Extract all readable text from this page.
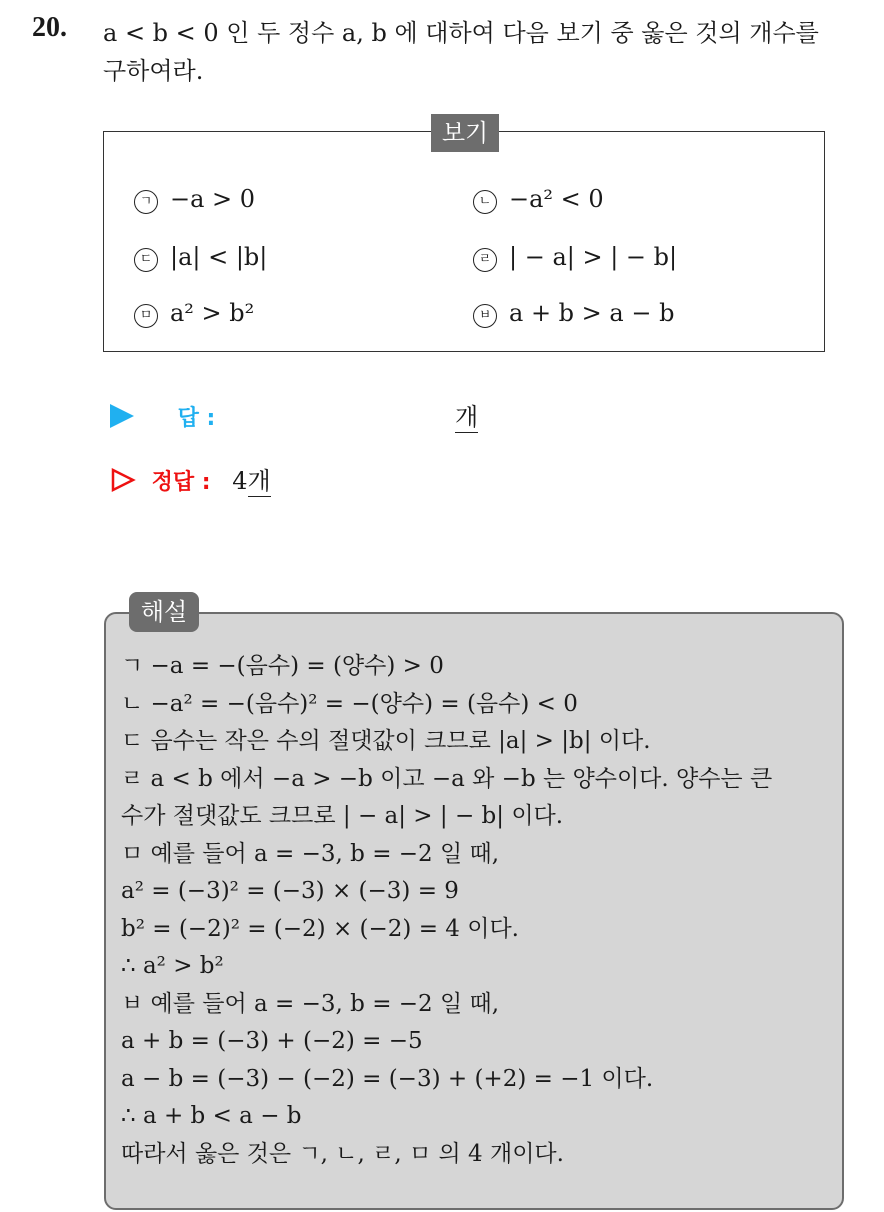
20. a < b < 0 인 두 정수 a, b 에 대하여 다음 보기 중 옳은 것의 개수를
구하여라.
보기
ㄱ −a > 0	ㄴ −a² < 0
ㄷ |a| < |b|	ㄹ | − a| > | − b|
ㅁ a² > b²	ㅂ a + b > a − b
답 :	개
정답 : 4개
해설
ㄱ −a = −(음수) = (양수) > 0
ㄴ −a² = −(음수)² = −(양수) = (음수) < 0
ㄷ 음수는 작은 수의 절댓값이 크므로 |a| > |b| 이다.
ㄹ a < b 에서 −a > −b 이고 −a 와 −b 는 양수이다. 양수는 큰
수가 절댓값도 크므로 | − a| > | − b| 이다.
ㅁ 예를 들어 a = −3, b = −2 일 때,
a² = (−3)² = (−3) × (−3) = 9
b² = (−2)² = (−2) × (−2) = 4 이다.
∴ a² > b²
ㅂ 예를 들어 a = −3, b = −2 일 때,
a + b = (−3) + (−2) = −5
a − b = (−3) − (−2) = (−3) + (+2) = −1 이다.
∴ a + b < a − b
따라서 옳은 것은 ㄱ, ㄴ, ㄹ, ㅁ 의 4 개이다.
